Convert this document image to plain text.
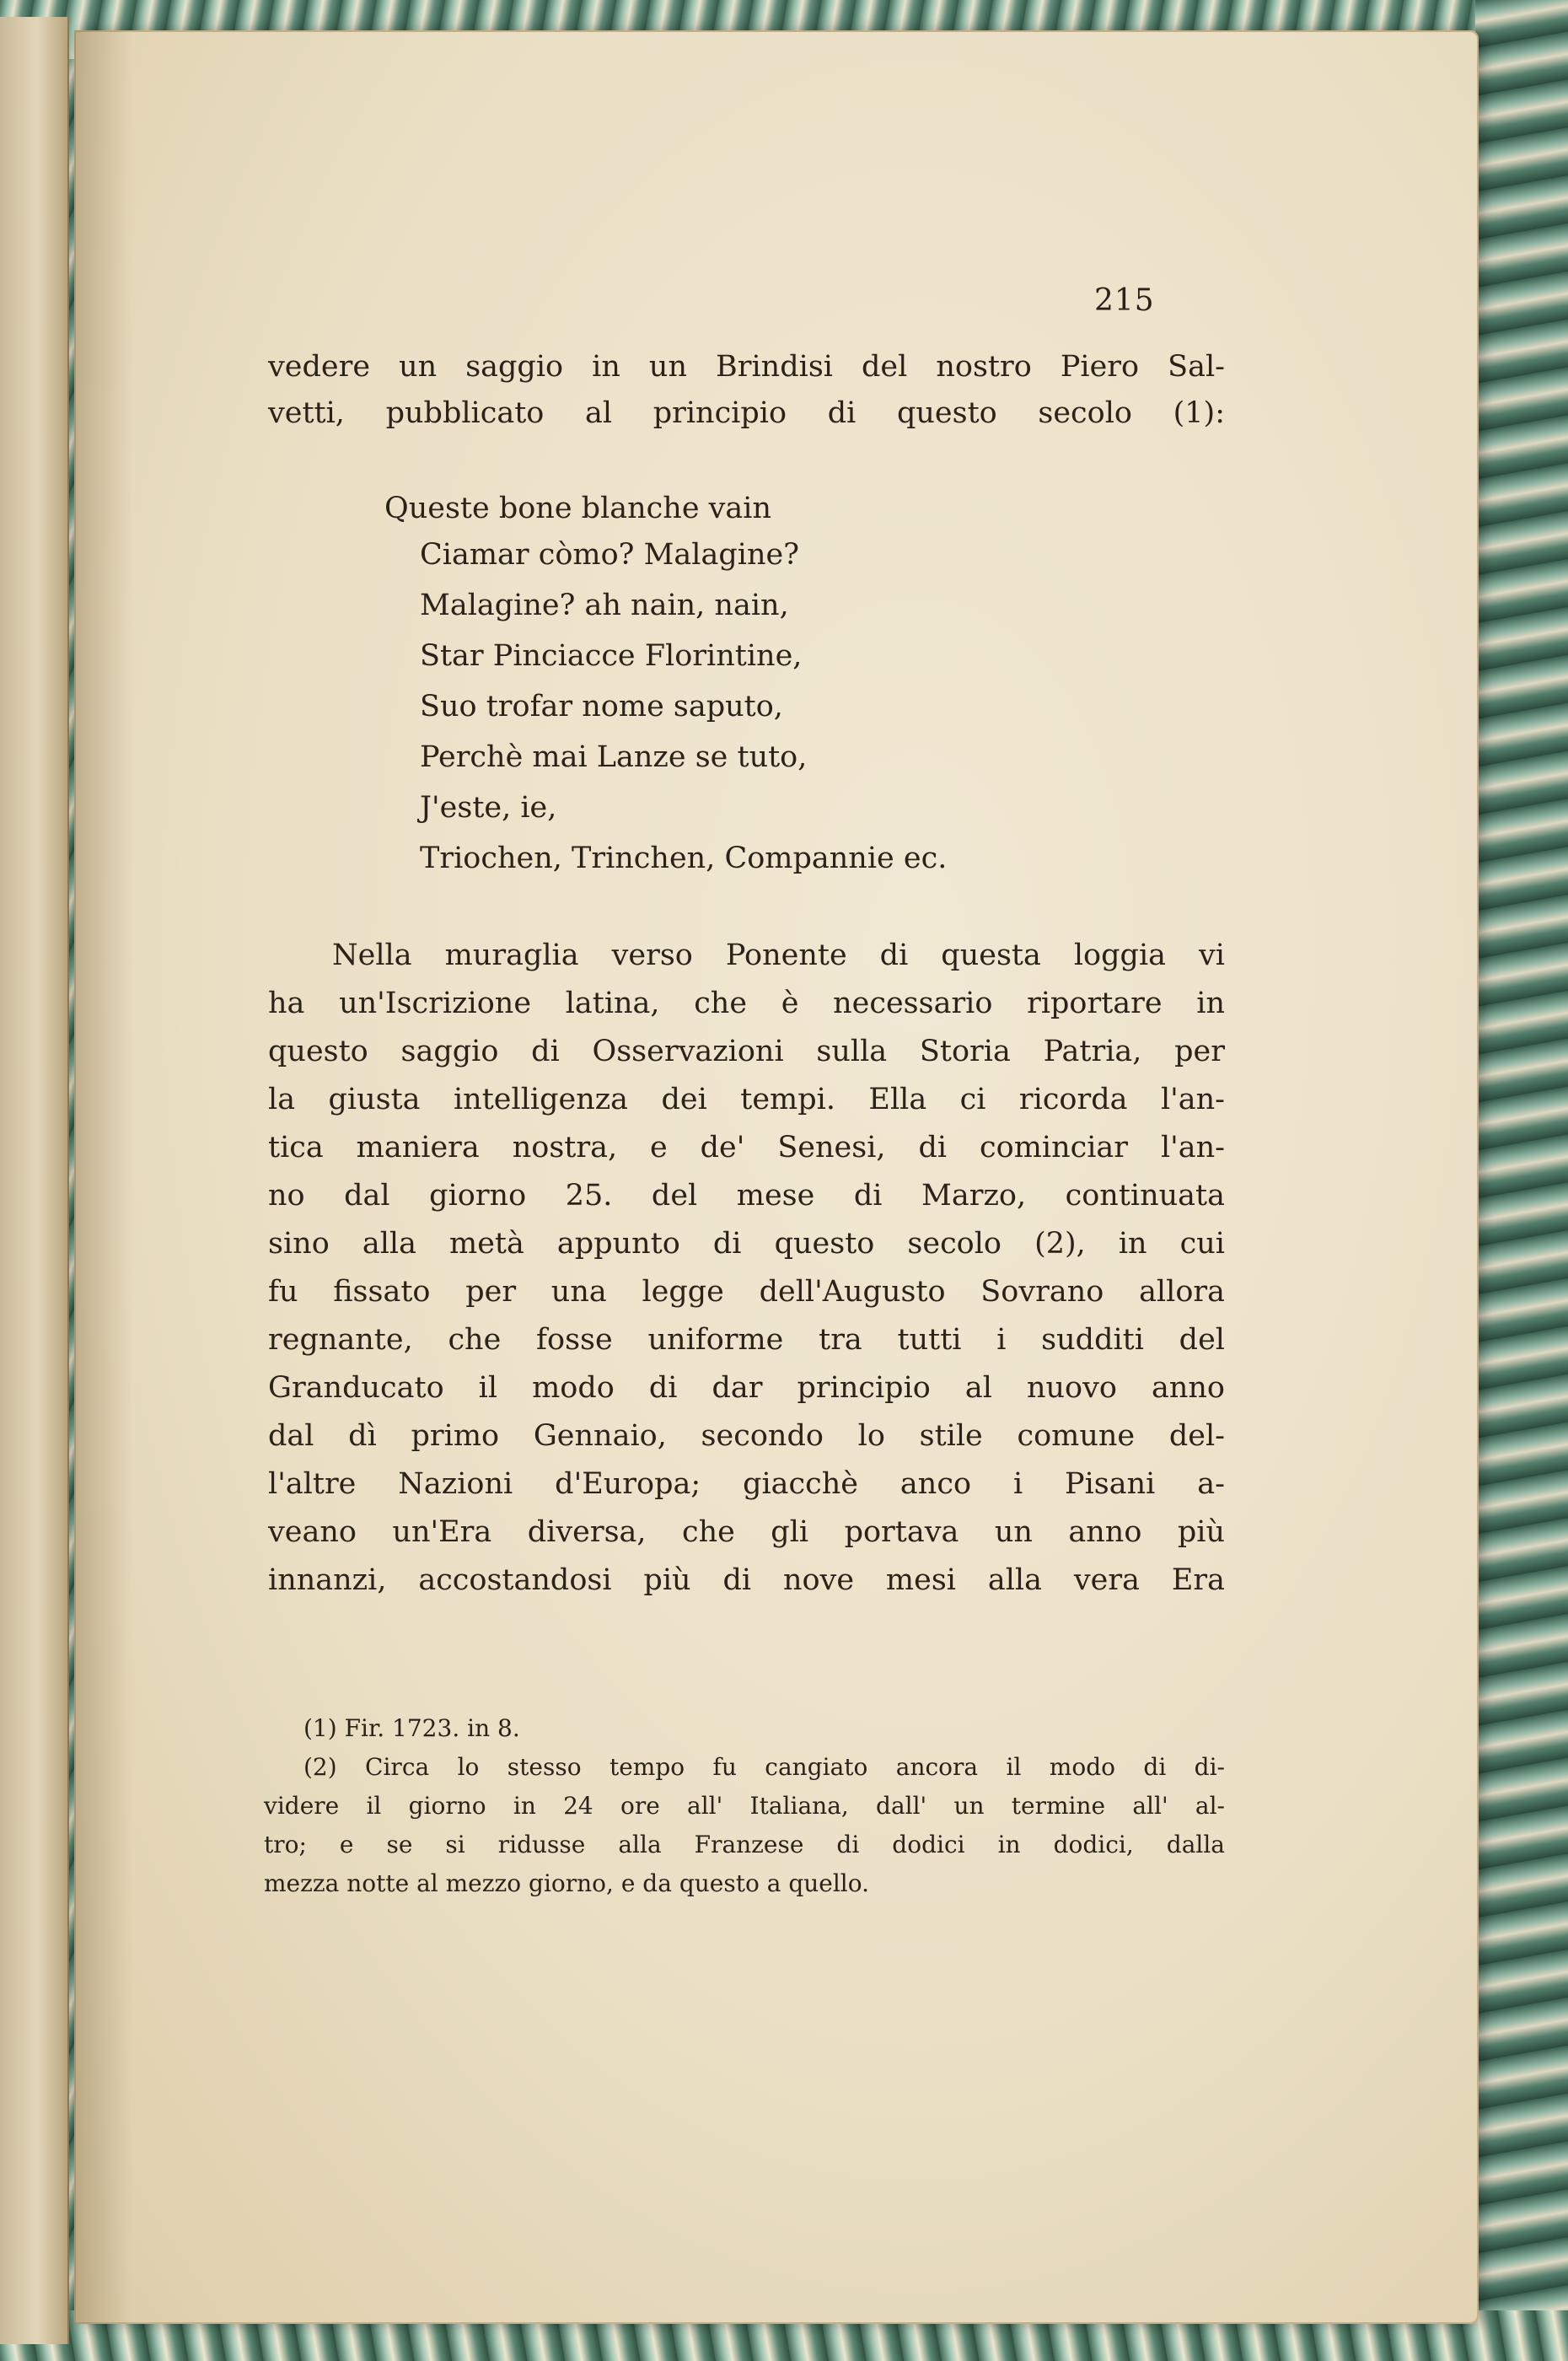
215
vedere un saggio in un Brindisi del nostro Piero Sal-
vetti, pubblicato al principio di questo secolo (1):
Queste bone blanche vain
Ciamar còmo? Malagine?
Malagine? ah nain, nain,
Star Pinciacce Florintine,
Suo trofar nome saputo,
Perchè mai Lanze se tuto,
J'este, ie,
Triochen, Trinchen, Compannie ec.
Nella muraglia verso Ponente di questa loggia vi
ha un'Iscrizione latina, che è necessario riportare in
questo saggio di Osservazioni sulla Storia Patria, per
la giusta intelligenza dei tempi. Ella ci ricorda l'an-
tica maniera nostra, e de' Senesi, di cominciar l'an-
no dal giorno 25. del mese di Marzo, continuata
sino alla metà appunto di questo secolo (2), in cui
fu fissato per una legge dell'Augusto Sovrano allora
regnante, che fosse uniforme tra tutti i sudditi del
Granducato il modo di dar principio al nuovo anno
dal dì primo Gennaio, secondo lo stile comune del-
l'altre Nazioni d'Europa; giacchè anco i Pisani a-
veano un'Era diversa, che gli portava un anno più
innanzi, accostandosi più di nove mesi alla vera Era
(1) Fir. 1723. in 8.
(2) Circa lo stesso tempo fu cangiato ancora il modo di di-
videre il giorno in 24 ore all' Italiana, dall' un termine all' al-
tro; e se si ridusse alla Franzese di dodici in dodici, dalla
mezza notte al mezzo giorno, e da questo a quello.
